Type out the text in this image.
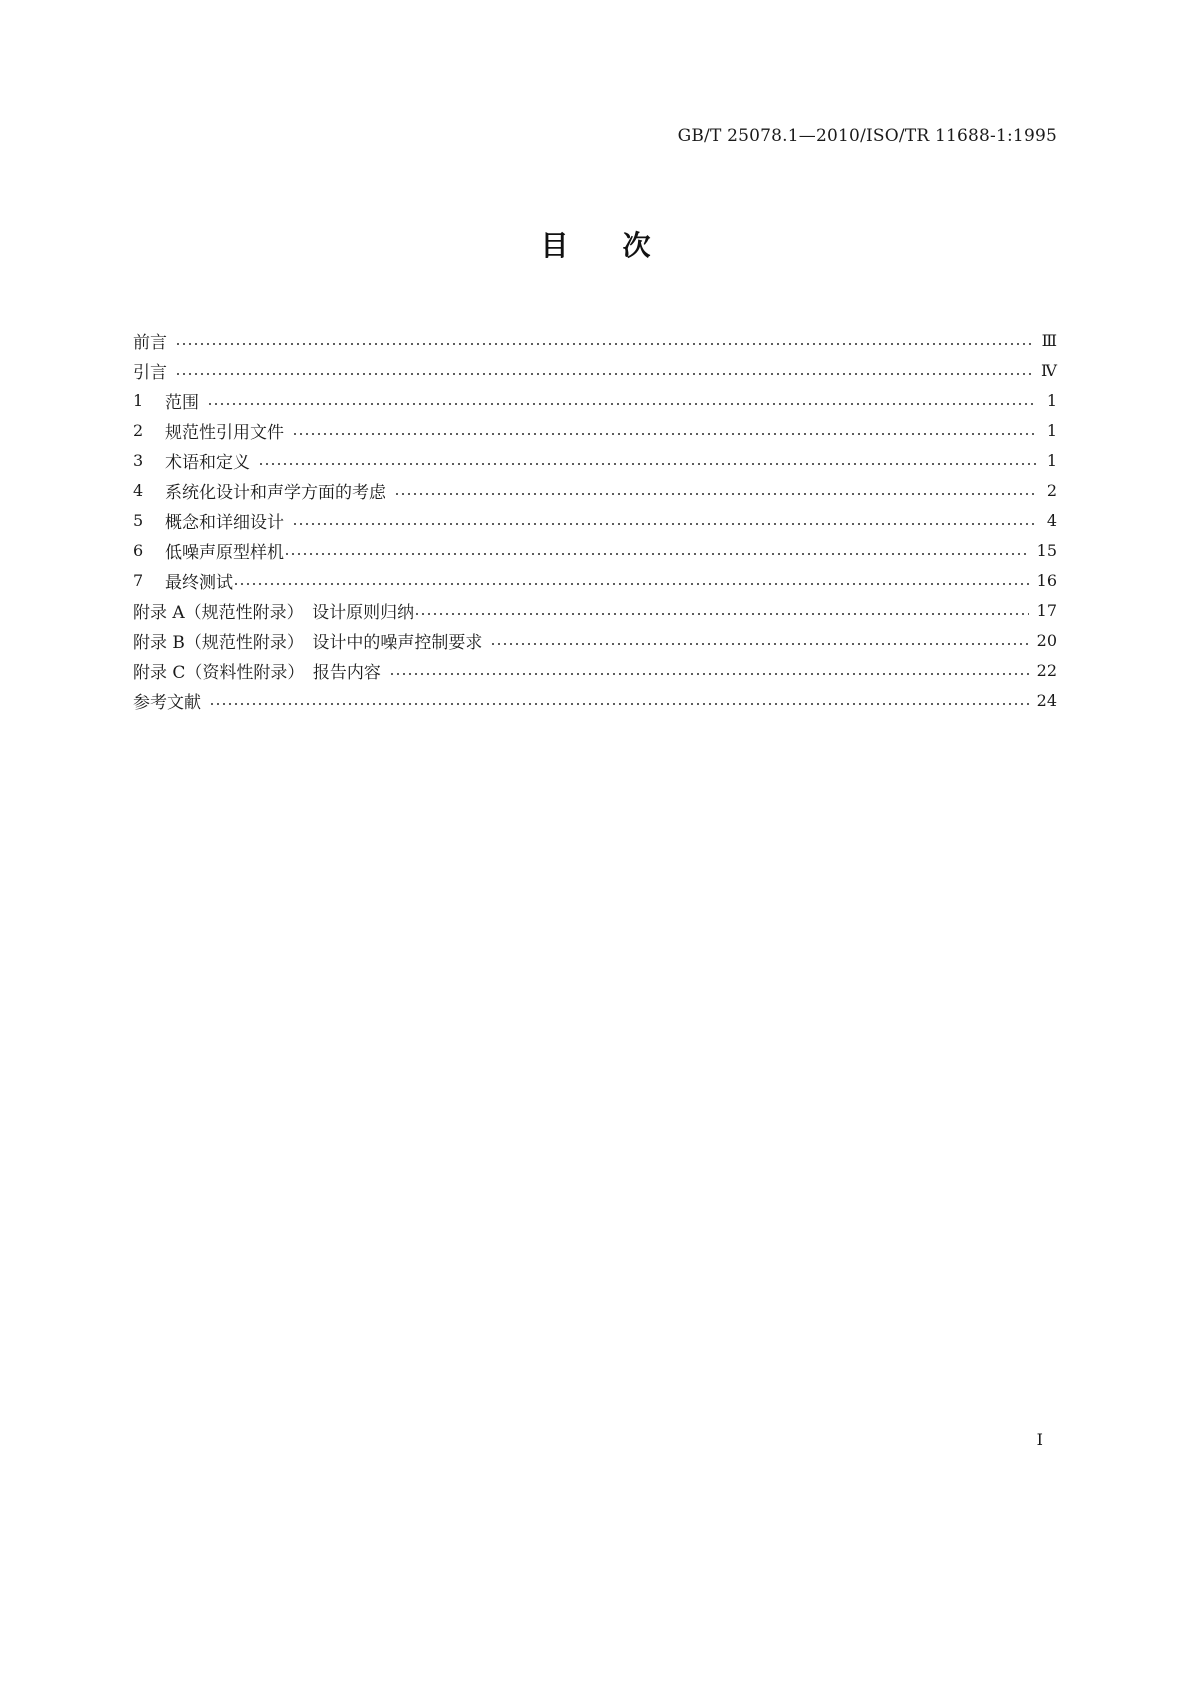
GB/T 25078.1—2010/ISO/TR 11688-1:1995
目 次
前言	Ⅲ
引言	Ⅳ
1	范围	1
2	规范性引用文件	1
3	术语和定义	1
4	系统化设计和声学方面的考虑	2
5	概念和详细设计	4
6	低噪声原型样机	15
7	最终测试	16
附录 A（规范性附录）　设计原则归纳	17
附录 B（规范性附录）　设计中的噪声控制要求	20
附录 C（资料性附录）　报告内容	22
参考文献	24
I
